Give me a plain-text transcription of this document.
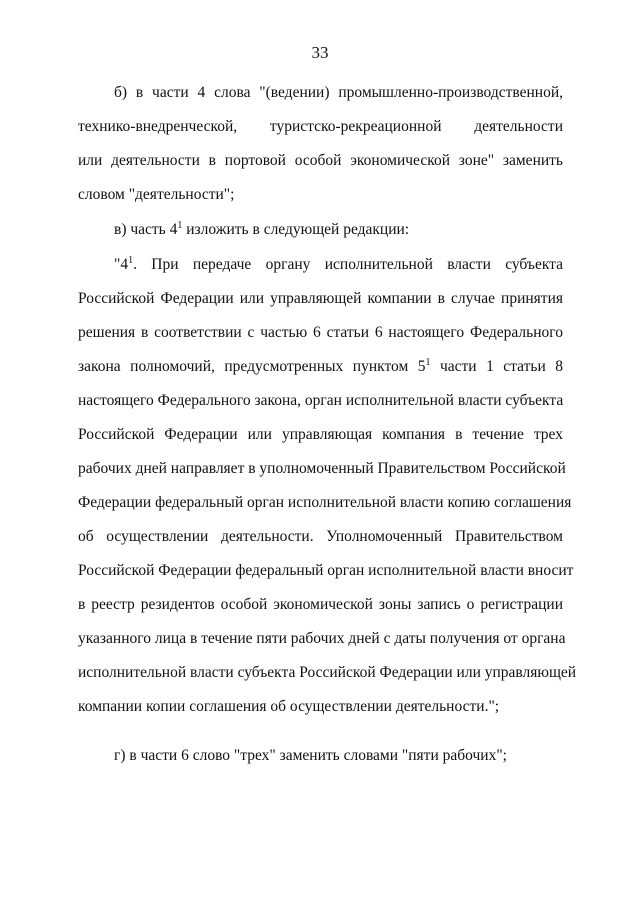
33
б) в части 4 слова "(ведении) промышленно-производственной,
технико-внедренческой, туристско-рекреационной деятельности
или деятельности в портовой особой экономической зоне" заменить
словом "деятельности";
в) часть $4^1$ изложить в следующей редакции:
"$4^1$. При передаче органу исполнительной власти субъекта
Российской Федерации или управляющей компании в случае принятия
решения в соответствии с частью 6 статьи 6 настоящего Федерального
закона полномочий, предусмотренных пунктом $5^1$ части 1 статьи 8
настоящего Федерального закона, орган исполнительной власти субъекта
Российской Федерации или управляющая компания в течение трех
рабочих дней направляет в уполномоченный Правительством Российской
Федерации федеральный орган исполнительной власти копию соглашения
об осуществлении деятельности. Уполномоченный Правительством
Российской Федерации федеральный орган исполнительной власти вносит
в реестр резидентов особой экономической зоны запись о регистрации
указанного лица в течение пяти рабочих дней с даты получения от органа
исполнительной власти субъекта Российской Федерации или управляющей
компании копии соглашения об осуществлении деятельности.";
г) в части 6 слово "трех" заменить словами "пяти рабочих";
